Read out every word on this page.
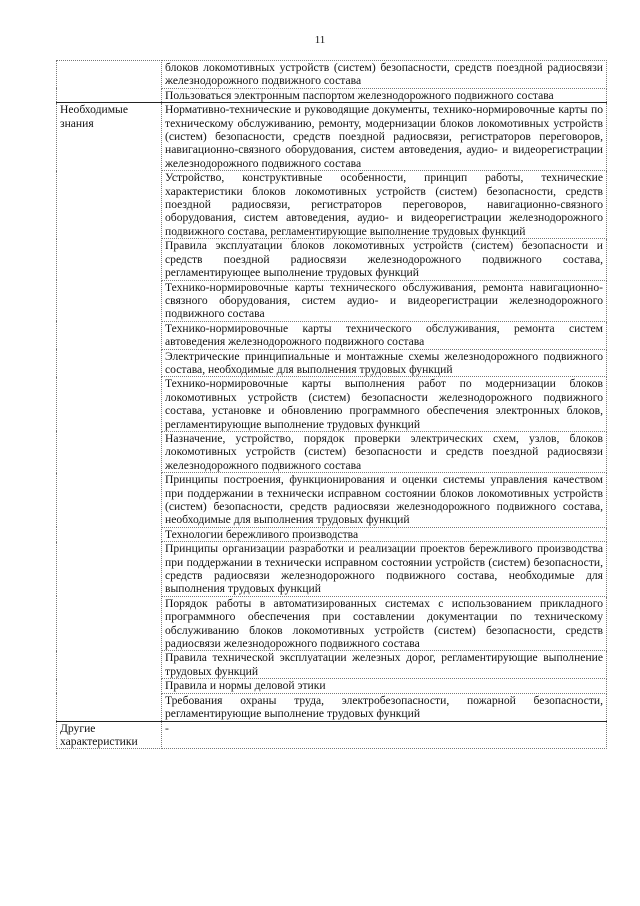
11
	блоков локомотивных устройств (систем) безопасности, средств поездной радиосвязи железнодорожного подвижного состава
	Пользоваться электронным паспортом железнодорожного подвижного состава
Необходимые знания	Нормативно-технические и руководящие документы, технико-нормировочные карты по техническому обслуживанию, ремонту, модернизации блоков локомотивных устройств (систем) безопасности, средств поездной радиосвязи, регистраторов переговоров, навигационно-связного оборудования, систем автоведения, аудио- и видеорегистрации железнодорожного подвижного состава
	Устройство, конструктивные особенности, принцип работы, технические характеристики блоков локомотивных устройств (систем) безопасности, средств поездной радиосвязи, регистраторов переговоров, навигационно-связного оборудования, систем автоведения, аудио- и видеорегистрации железнодорожного подвижного состава, регламентирующие выполнение трудовых функций
	Правила эксплуатации блоков локомотивных устройств (систем) безопасности и средств поездной радиосвязи железнодорожного подвижного состава, регламентирующее выполнение трудовых функций
	Технико-нормировочные карты технического обслуживания, ремонта навигационно-связного оборудования, систем аудио- и видеорегистрации железнодорожного подвижного состава
	Технико-нормировочные карты технического обслуживания, ремонта систем автоведения железнодорожного подвижного состава
	Электрические принципиальные и монтажные схемы железнодорожного подвижного состава, необходимые для выполнения трудовых функций
	Технико-нормировочные карты выполнения работ по модернизации блоков локомотивных устройств (систем) безопасности железнодорожного подвижного состава, установке и обновлению программного обеспечения электронных блоков, регламентирующие выполнение трудовых функций
	Назначение, устройство, порядок проверки электрических схем, узлов, блоков локомотивных устройств (систем) безопасности и средств поездной радиосвязи железнодорожного подвижного состава
	Принципы построения, функционирования и оценки системы управления качеством при поддержании в технически исправном состоянии блоков локомотивных устройств (систем) безопасности, средств радиосвязи железнодорожного подвижного состава, необходимые для выполнения трудовых функций
	Технологии бережливого производства
	Принципы организации разработки и реализации проектов бережливого производства при поддержании в технически исправном состоянии устройств (систем) безопасности, средств радиосвязи железнодорожного подвижного состава, необходимые для выполнения трудовых функций
	Порядок работы в автоматизированных системах с использованием прикладного программного обеспечения при составлении документации по техническому обслуживанию блоков локомотивных устройств (систем) безопасности, средств радиосвязи железнодорожного подвижного состава
	Правила технической эксплуатации железных дорог, регламентирующие выполнение трудовых функций
	Правила и нормы деловой этики
	Требования охраны труда, электробезопасности, пожарной безопасности, регламентирующие выполнение трудовых функций
Другие характеристики	-
